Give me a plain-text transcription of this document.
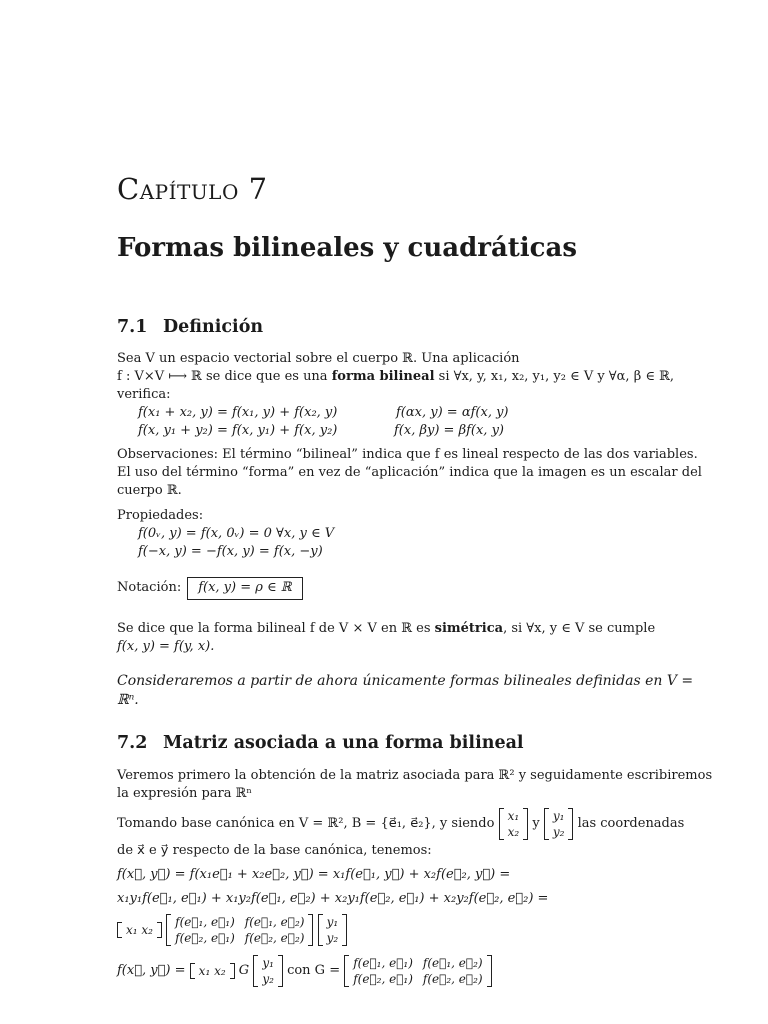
Capítulo 7
Formas bilineales y cuadráticas
7.1 Definición
Sea V un espacio vectorial sobre el cuerpo ℝ. Una aplicación
f : V×V ⟼ ℝ se dice que es una forma bilineal si ∀x, y, x₁, x₂, y₁, y₂ ∈ V y ∀α, β ∈ ℝ,
verifica:
f(x₁ + x₂, y) = f(x₁, y) + f(x₂, y)
f(x, y₁ + y₂) = f(x, y₁) + f(x, y₂)
f(αx, y) = αf(x, y)
f(x, βy) = βf(x, y)
Observaciones: El término “bilineal” indica que f es lineal respecto de las dos variables.
El uso del término “forma” en vez de “aplicación” indica que la imagen es un escalar del
cuerpo ℝ.
Propiedades:
f(0ᵥ, y) = f(x, 0ᵥ) = 0 ∀x, y ∈ V
f(−x, y) = −f(x, y) = f(x, −y)
Notación: f(x, y) = ρ ∈ ℝ
Se dice que la forma bilineal f de V × V en ℝ es simétrica, si ∀x, y ∈ V se cumple
f(x, y) = f(y, x).
Consideraremos a partir de ahora únicamente formas bilineales definidas en V =
ℝⁿ.
7.2 Matriz asociada a una forma bilineal
Veremos primero la obtención de la matriz asociada para ℝ² y seguidamente escribiremos
la expresión para ℝⁿ
Tomando base canónica en V = ℝ², B = {e⃗₁, e⃗₂}, y siendo x₁
x₂
y y₁
y₂
las coordenadas
de x⃗ e y⃗ respecto de la base canónica, tenemos:
f(x⃗, y⃗) = f(x₁e⃗₁ + x₂e⃗₂, y⃗) = x₁f(e⃗₁, y⃗) + x₂f(e⃗₂, y⃗) =
x₁y₁f(e⃗₁, e⃗₁) + x₁y₂f(e⃗₁, e⃗₂) + x₂y₁f(e⃗₂, e⃗₁) + x₂y₂f(e⃗₂, e⃗₂) =
x₁ x₂

f(e⃗₁, e⃗₁)	f(e⃗₁, e⃗₂)
f(e⃗₂, e⃗₁)	f(e⃗₂, e⃗₂)

y₁
y₂
f(x⃗, y⃗) = x₁ x₂ G y₁
y₂
con G = f(e⃗₁, e⃗₁)	f(e⃗₁, e⃗₂)
f(e⃗₂, e⃗₁)	f(e⃗₂, e⃗₂)
